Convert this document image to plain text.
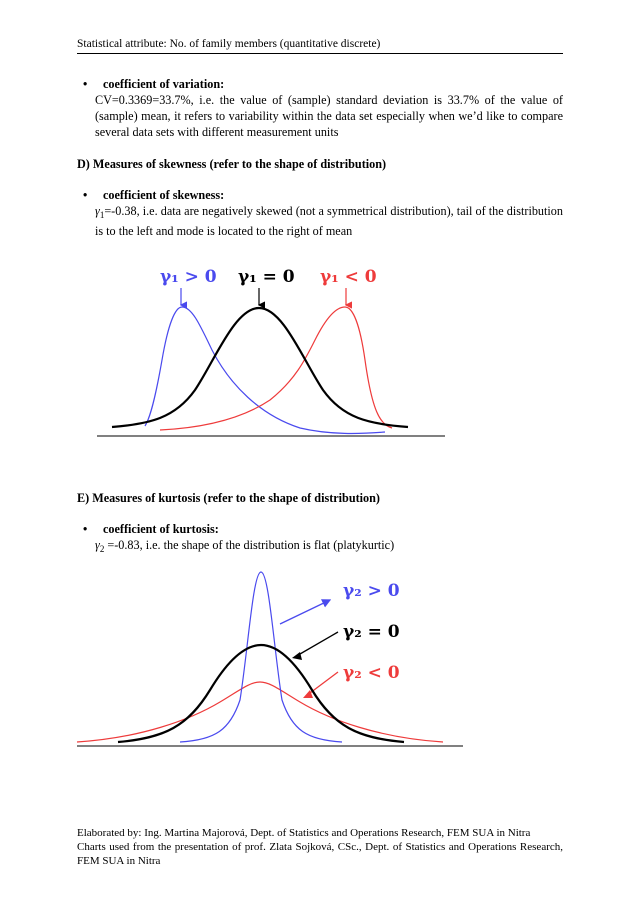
Statistical attribute: No. of family members (quantitative discrete)
• coefficient of variation:
CV=0.3369=33.7%, i.e. the value of (sample) standard deviation is 33.7% of the value of (sample) mean, it refers to variability within the data set especially when we’d like to compare several data sets with different measurement units
D) Measures of skewness (refer to the shape of distribution)
• coefficient of skewness:
$\gamma_1=-0.38$, i.e. data are negatively skewed (not a symmetrical distribution), tail of the distribution is to the left and mode is located to the right of mean
γ₁ > 0 γ₁ = 0 γ₁ < 0
E) Measures of kurtosis (refer to the shape of distribution)
• coefficient of kurtosis:
$\gamma_2 =-0.83$, i.e. the shape of the distribution is flat (platykurtic)
γ₂ > 0
γ₂ = 0
γ₂ < 0
Elaborated by: Ing. Martina Majorová, Dept. of Statistics and Operations Research, FEM SUA in Nitra
Charts used from the presentation of prof. Zlata Sojková, CSc., Dept. of Statistics and Operations Research, FEM SUA in Nitra
